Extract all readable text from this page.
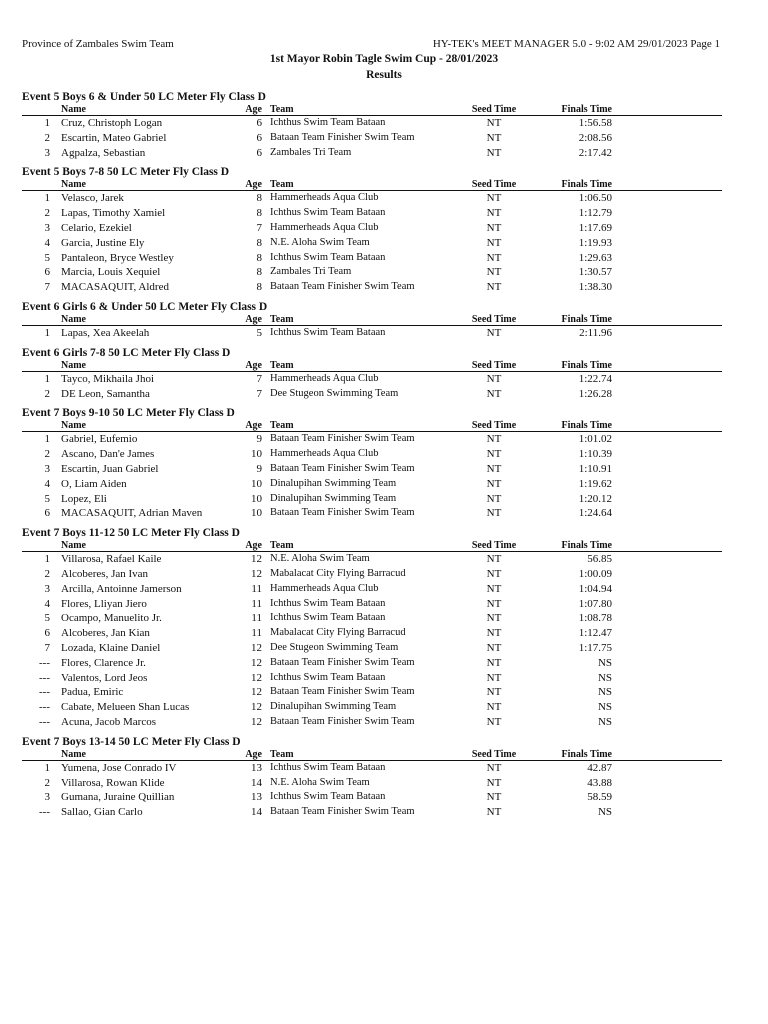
Province of Zambales Swim Team	HY-TEK's MEET MANAGER 5.0 - 9:02 AM 29/01/2023 Page 1
1st Mayor Robin Tagle Swim Cup - 28/01/2023
Results
Event 5 Boys 6 & Under 50 LC Meter Fly Class D
Name	Age Team	Seed Time	Finals Time
1 Cruz, Christoph Logan	6 Ichthus Swim Team Bataan	NT	1:56.58
2 Escartin, Mateo Gabriel	6 Bataan Team Finisher Swim Team	NT	2:08.56
3 Agpalza, Sebastian	6 Zambales Tri Team	NT	2:17.42
Event 5 Boys 7-8 50 LC Meter Fly Class D
Name	Age Team	Seed Time	Finals Time
1 Velasco, Jarek	8 Hammerheads Aqua Club	NT	1:06.50
2 Lapas, Timothy Xamiel	8 Ichthus Swim Team Bataan	NT	1:12.79
3 Celario, Ezekiel	7 Hammerheads Aqua Club	NT	1:17.69
4 Garcia, Justine Ely	8 N.E. Aloha Swim Team	NT	1:19.93
5 Pantaleon, Bryce Westley	8 Ichthus Swim Team Bataan	NT	1:29.63
6 Marcia, Louis Xequiel	8 Zambales Tri Team	NT	1:30.57
7 MACASAQUIT, Aldred	8 Bataan Team Finisher Swim Team	NT	1:38.30
Event 6 Girls 6 & Under 50 LC Meter Fly Class D
Name	Age Team	Seed Time	Finals Time
1 Lapas, Xea Akeelah	5 Ichthus Swim Team Bataan	NT	2:11.96
Event 6 Girls 7-8 50 LC Meter Fly Class D
Name	Age Team	Seed Time	Finals Time
1 Tayco, Mikhaila Jhoi	7 Hammerheads Aqua Club	NT	1:22.74
2 DE Leon, Samantha	7 Dee Stugeon Swimming Team	NT	1:26.28
Event 7 Boys 9-10 50 LC Meter Fly Class D
Name	Age Team	Seed Time	Finals Time
1 Gabriel, Eufemio	9 Bataan Team Finisher Swim Team	NT	1:01.02
2 Ascano, Dan'e James	10 Hammerheads Aqua Club	NT	1:10.39
3 Escartin, Juan Gabriel	9 Bataan Team Finisher Swim Team	NT	1:10.91
4 O, Liam Aiden	10 Dinalupihan Swimming Team	NT	1:19.62
5 Lopez, Eli	10 Dinalupihan Swimming Team	NT	1:20.12
6 MACASAQUIT, Adrian Maven	10 Bataan Team Finisher Swim Team	NT	1:24.64
Event 7 Boys 11-12 50 LC Meter Fly Class D
Name	Age Team	Seed Time	Finals Time
1 Villarosa, Rafael Kaile	12 N.E. Aloha Swim Team	NT	56.85
2 Alcoberes, Jan Ivan	12 Mabalacat City Flying Barracud	NT	1:00.09
3 Arcilla, Antoinne Jamerson	11 Hammerheads Aqua Club	NT	1:04.94
4 Flores, Lliyan Jiero	11 Ichthus Swim Team Bataan	NT	1:07.80
5 Ocampo, Manuelito Jr.	11 Ichthus Swim Team Bataan	NT	1:08.78
6 Alcoberes, Jan Kian	11 Mabalacat City Flying Barracud	NT	1:12.47
7 Lozada, Klaine Daniel	12 Dee Stugeon Swimming Team	NT	1:17.75
--- Flores, Clarence Jr.	12 Bataan Team Finisher Swim Team	NT	NS
--- Valentos, Lord Jeos	12 Ichthus Swim Team Bataan	NT	NS
--- Padua, Emiric	12 Bataan Team Finisher Swim Team	NT	NS
--- Cabate, Melueen Shan Lucas	12 Dinalupihan Swimming Team	NT	NS
--- Acuna, Jacob Marcos	12 Bataan Team Finisher Swim Team	NT	NS
Event 7 Boys 13-14 50 LC Meter Fly Class D
Name	Age Team	Seed Time	Finals Time
1 Yumena, Jose Conrado IV	13 Ichthus Swim Team Bataan	NT	42.87
2 Villarosa, Rowan Klide	14 N.E. Aloha Swim Team	NT	43.88
3 Gumana, Juraine Quillian	13 Ichthus Swim Team Bataan	NT	58.59
--- Sallao, Gian Carlo	14 Bataan Team Finisher Swim Team	NT	NS
